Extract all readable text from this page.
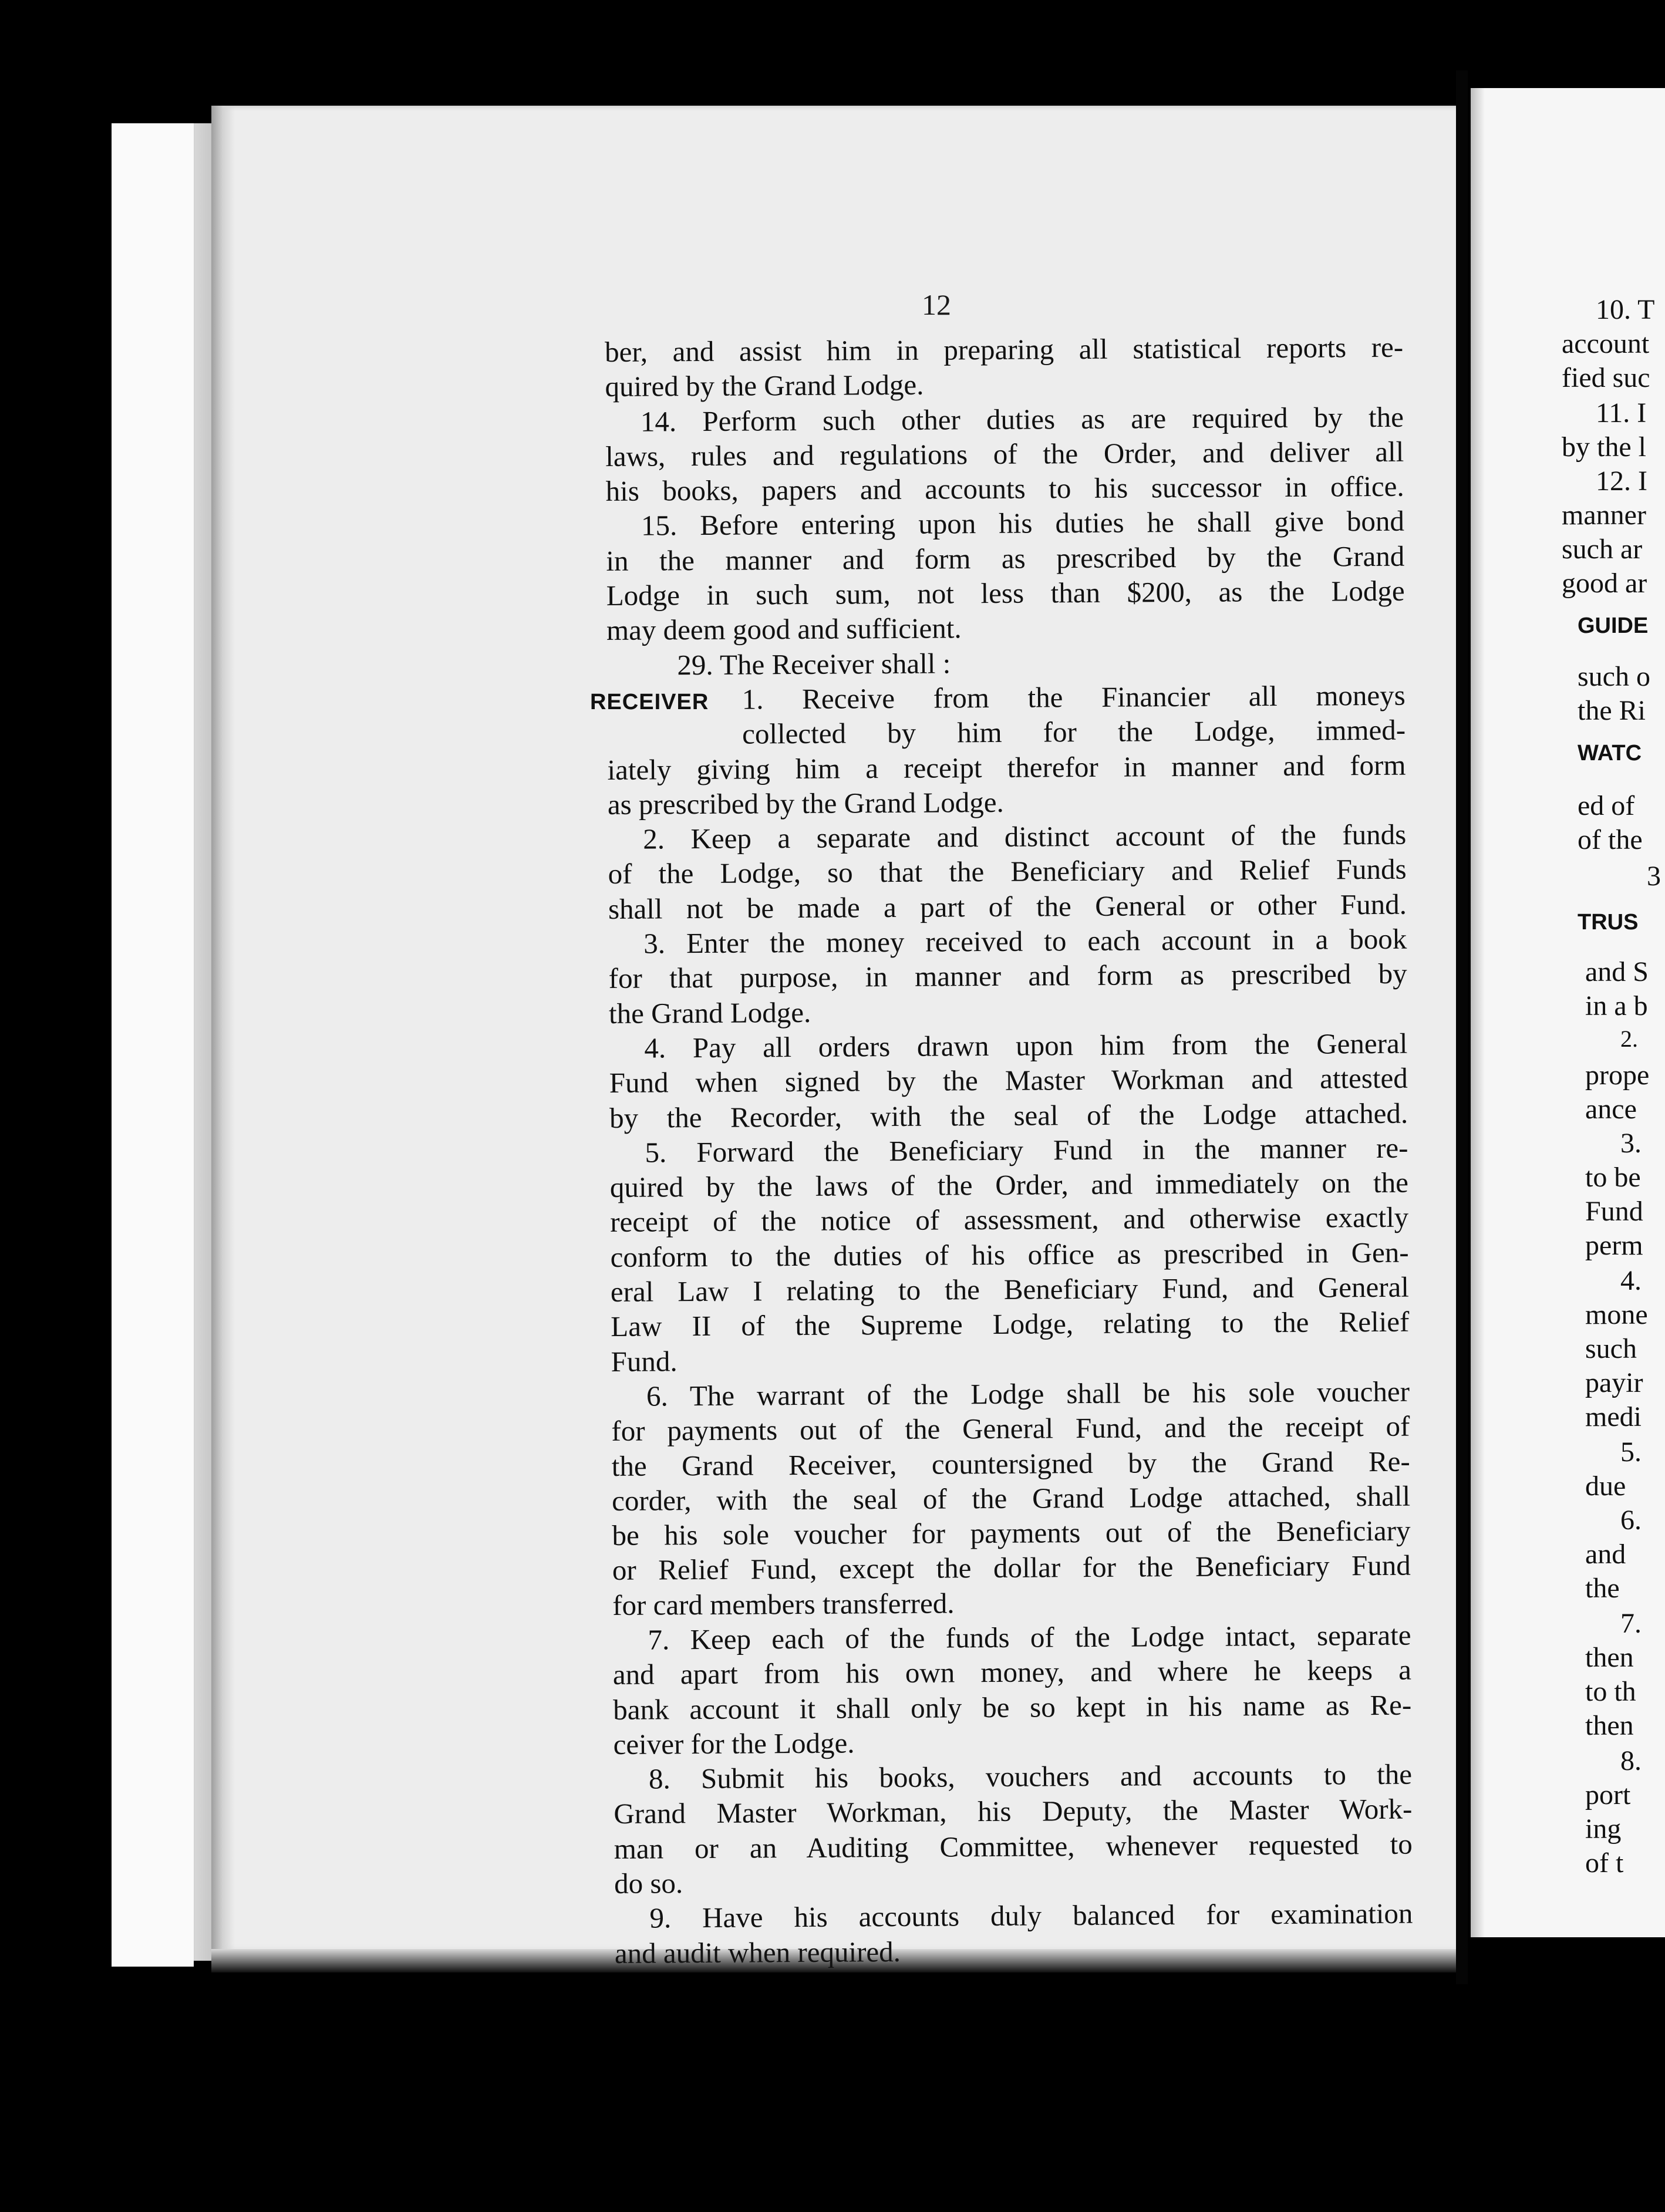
12
ber, and assist him in preparing all statistical reports re-
quired by the Grand Lodge.
14. Perform such other duties as are required by the
laws, rules and regulations of the Order, and deliver all
his books, papers and accounts to his successor in office.
15. Before entering upon his duties he shall give bond
in the manner and form as prescribed by the Grand
Lodge in such sum, not less than $200, as the Lodge
may deem good and sufficient.
29. The Receiver shall :
1. Receive from the Financier all moneys
collected by him for the Lodge, immed-
iately giving him a receipt therefor in manner and form
as prescribed by the Grand Lodge.
2. Keep a separate and distinct account of the funds
of the Lodge, so that the Beneficiary and Relief Funds
shall not be made a part of the General or other Fund.
3. Enter the money received to each account in a book
for that purpose, in manner and form as prescribed by
the Grand Lodge.
4. Pay all orders drawn upon him from the General
Fund when signed by the Master Workman and attested
by the Recorder, with the seal of the Lodge attached.
5. Forward the Beneficiary Fund in the manner re-
quired by the laws of the Order, and immediately on the
receipt of the notice of assessment, and otherwise exactly
conform to the duties of his office as prescribed in Gen-
eral Law I relating to the Beneficiary Fund, and General
Law II of the Supreme Lodge, relating to the Relief
Fund.
6. The warrant of the Lodge shall be his sole voucher
for payments out of the General Fund, and the receipt of
the Grand Receiver, countersigned by the Grand Re-
corder, with the seal of the Grand Lodge attached, shall
be his sole voucher for payments out of the Beneficiary
or Relief Fund, except the dollar for the Beneficiary Fund
for card members transferred.
7. Keep each of the funds of the Lodge intact, separate
and apart from his own money, and where he keeps a
bank account it shall only be so kept in his name as Re-
ceiver for the Lodge.
8. Submit his books, vouchers and accounts to the
Grand Master Workman, his Deputy, the Master Work-
man or an Auditing Committee, whenever requested to
do so.
9. Have his accounts duly balanced for examination
and audit when required.
RECEIVER
10. T
account
fied suc
11. I
by the l
12. I
manner
such ar
good ar
GUIDE
such o
the Ri
WATC
ed of
of the
3
TRUS
and S
in a b
2.
prope
ance
3.
to be
Fund
perm
4.
mone
such
payir
medi
5.
due
6.
and
the
7.
then
to th
then
8.
port
ing
of t
